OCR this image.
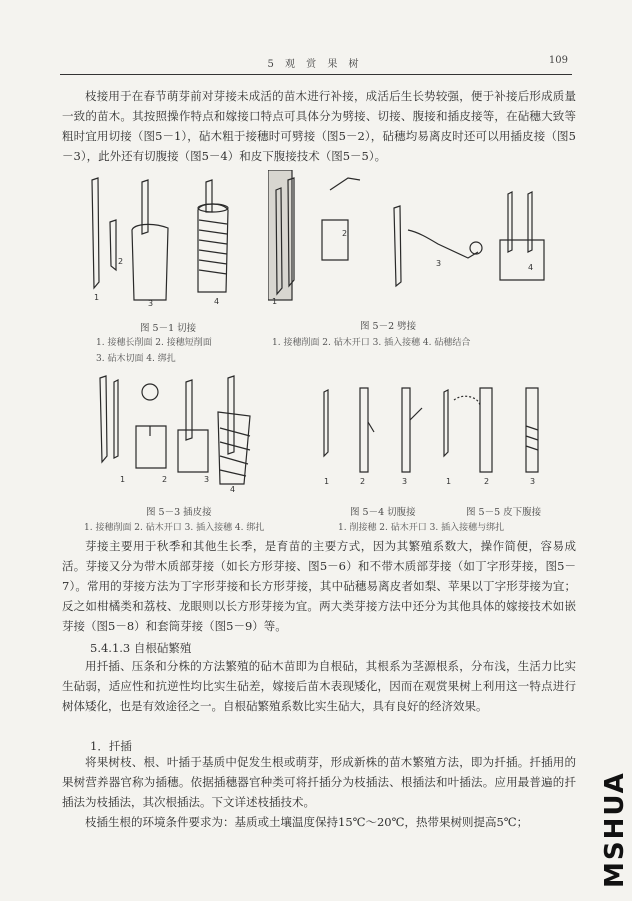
5 观 赏 果 树	109
枝接用于在春节萌芽前对芽接未成活的苗木进行补接，成活后生长势较强，便于补接后形成质量一致的苗木。其按照操作特点和嫁接口特点可具体分为劈接、切接、腹接和插皮接等，在砧穗大致等粗时宜用切接（图5－1），砧木粗于接穗时可劈接（图5－2），砧穗均易离皮时还可以用插皮接（图5－3），此外还有切腹接（图5－4）和皮下腹接技术（图5－5）。
1
2
3	4	1
2
3	4
图 5－1 切接	图 5－2 劈接
1. 接穗长削面 2. 接穗短削面
3. 砧木切面 4. 绑扎
1. 接穗削面 2. 砧木开口 3. 插入接穗 4. 砧穗结合
1	2	3
4
1	2	3	1	2	3
图 5－3 插皮接	图 5－4 切腹接	图 5－5 皮下腹接
1. 接穗削面 2. 砧木开口 3. 插入接穗 4. 绑扎	1. 削接穗 2. 砧木开口 3. 插入接穗与绑扎
芽接主要用于秋季和其他生长季，是育苗的主要方式，因为其繁殖系数大，操作简便，容易成活。芽接又分为带木质部芽接（如长方形芽接、图5－6）和不带木质部芽接（如丁字形芽接，图5－7）。常用的芽接方法为丁字形芽接和长方形芽接，其中砧穗易离皮者如梨、苹果以丁字形芽接为宜；反之如柑橘类和荔枝、龙眼则以长方形芽接为宜。两大类芽接方法中还分为其他具体的嫁接技术如嵌芽接（图5－8）和套筒芽接（图5－9）等。
5.4.1.3 自根砧繁殖
用扦插、压条和分株的方法繁殖的砧木苗即为自根砧，其根系为茎源根系，分布浅，生活力比实生砧弱，适应性和抗逆性均比实生砧差，嫁接后苗木表现矮化，因而在观赏果树上利用这一特点进行树体矮化，也是有效途径之一。自根砧繁殖系数比实生砧大，具有良好的经济效果。
1．扦插
将果树枝、根、叶插于基质中促发生根或萌芽，形成新株的苗木繁殖方法，即为扦插。扦插用的果树营养器官称为插穗。依据插穗器官种类可将扦插分为枝插法、根插法和叶插法。应用最普遍的扦插法为枝插法，其次根插法。下文详述枝插技术。
枝插生根的环境条件要求为：基质或土壤温度保持15℃～20℃，热带果树则提高5℃；	MSHUA
